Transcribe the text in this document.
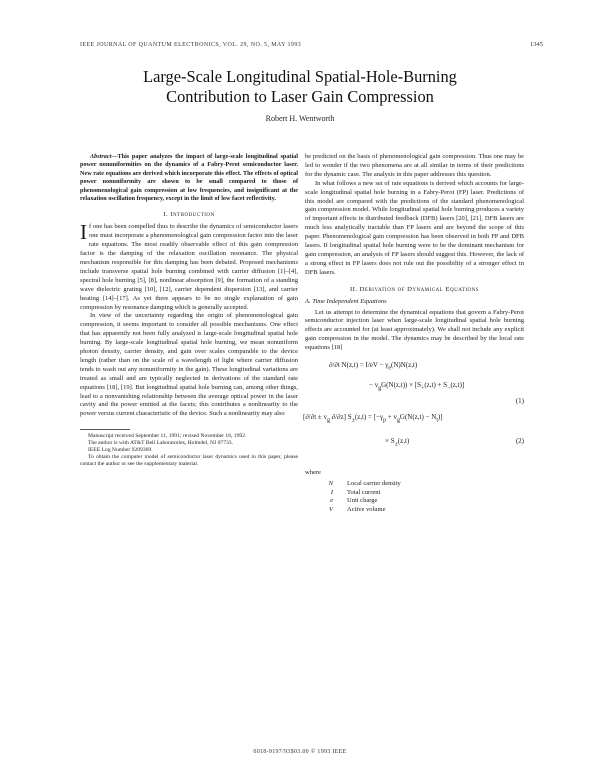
IEEE JOURNAL OF QUANTUM ELECTRONICS, VOL. 29, NO. 5, MAY 1993	1345
Large-Scale Longitudinal Spatial-Hole-Burning
Contribution to Laser Gain Compression
Robert H. Wentworth

Abstract—This paper analyzes the impact of large-scale longitudinal spatial power nonuniformities on the dynamics of a Fabry-Perot semiconductor laser. New rate equations are derived which incorporate this effect. The effects of optical power nonuniformity are shown to be small compared to those of phenomenological gain compression at low frequencies, and insignificant at the relaxation oscillation frequency, except in the limit of low facet reflectivity.

I. Introduction

If one has been compelled thus to describe the dynamics of semiconductor lasers one must incorporate a phenomenological gain compression factor into the laser rate equations. The most readily observable effect of this gain compression factor is the damping of the relaxation oscillation resonance. The physical mechanism responsible for this damping has been debated. Proposed mechanisms include transverse spatial hole burning combined with carrier diffusion [1]–[4], spectral hole burning [5], [8], nonlinear absorption [9], the formation of a standing wave dielectric grating [10], [12], carrier dependent dispersion [13], and carrier heating [14]–[17]. As yet there appears to be no single explanation of gain compression by resonance damping which is generally accepted.

In view of the uncertainty regarding the origin of phenomenological gain compression, it seems important to consider all possible mechanisms. One effect that has apparently not been fully analyzed is large-scale longitudinal spatial hole burning. By large-scale longitudinal spatial hole burning, we mean nonuniform photon density, carrier density, and gain over scales comparable to the device length (rather than on the scale of a wavelength of light where carrier diffusion tends to wash out any nonuniformity in the gain). These longitudinal variations are treated as small and are typically neglected in derivations of the standard rate equations [18], [19]. But longitudinal spatial hole burning can, among other things, lead to a nonvanishing relationship between the average optical power in the laser cavity and the power emitted at the facets; this contributes a nonlinearity to the power versus current characteristic of the device. Such a nonlinearity may also

Manuscript received September 11, 1991; revised November 16, 1992.

The author is with AT&T Bell Laboratories, Holmdel, NJ 07733.

IEEE Log Number 9209369.

To obtain the computer model of semiconductor laser dynamics used in this paper, please contact the author or see the supplementary material.

be predicted on the basis of phenomenological gain compression. Thus one may be led to wonder if the two phenomena are at all similar in terms of their predictions for the dynamic case. The analysis in this paper addresses this question.

In what follows a new set of rate equations is derived which accounts for large-scale longitudinal spatial hole burning in a Fabry-Perot (FP) laser. Predictions of this model are compared with the predictions of the standard phenomenological gain compression model. While longitudinal spatial hole burning produces a variety of important effects in distributed feedback (DFB) lasers [20], [21], DFB lasers are much less analytically tractable than FP lasers and are beyond the scope of this paper. Phenomenological gain compression has been observed in both FP and DFB lasers. If longitudinal spatial hole burning were to be the dominant mechanism for gain compression, an analysis of FP lasers should suggest this. However, the lack of a strong effect in FP lasers does not rule out the possibility of a stronger effect in DFB lasers.

II. Derivation of Dynamical Equations
A. Time Independent Equations

Let us attempt to determine the dynamical equations that govern a Fabry-Perot semiconductor injection laser when large-scale longitudinal spatial hole burning effects are accounted for (at least approximately). We shall not include any explicit gain compression in the model. The dynamics may be described by the local rate equations [18]

∂/∂t $N(z,t) = I/eV - \gamma_e(N)N(z,t)$
− $v_gG(N(z,t)) \times [S_+(z,t) + S_-(z,t)]$
(1)
[$\partial/\partial t \pm v_g$ ∂/∂z] $S_\pm(z,t) = [-\gamma_p + v_gG(N(z,t) - N_t)]$
× $S_\pm(z,t)$	(2)
where
N	Local carrier density
I	Total current
e	Unit charge
V	Active volume
0018-9197/93$03.00 © 1993 IEEE
